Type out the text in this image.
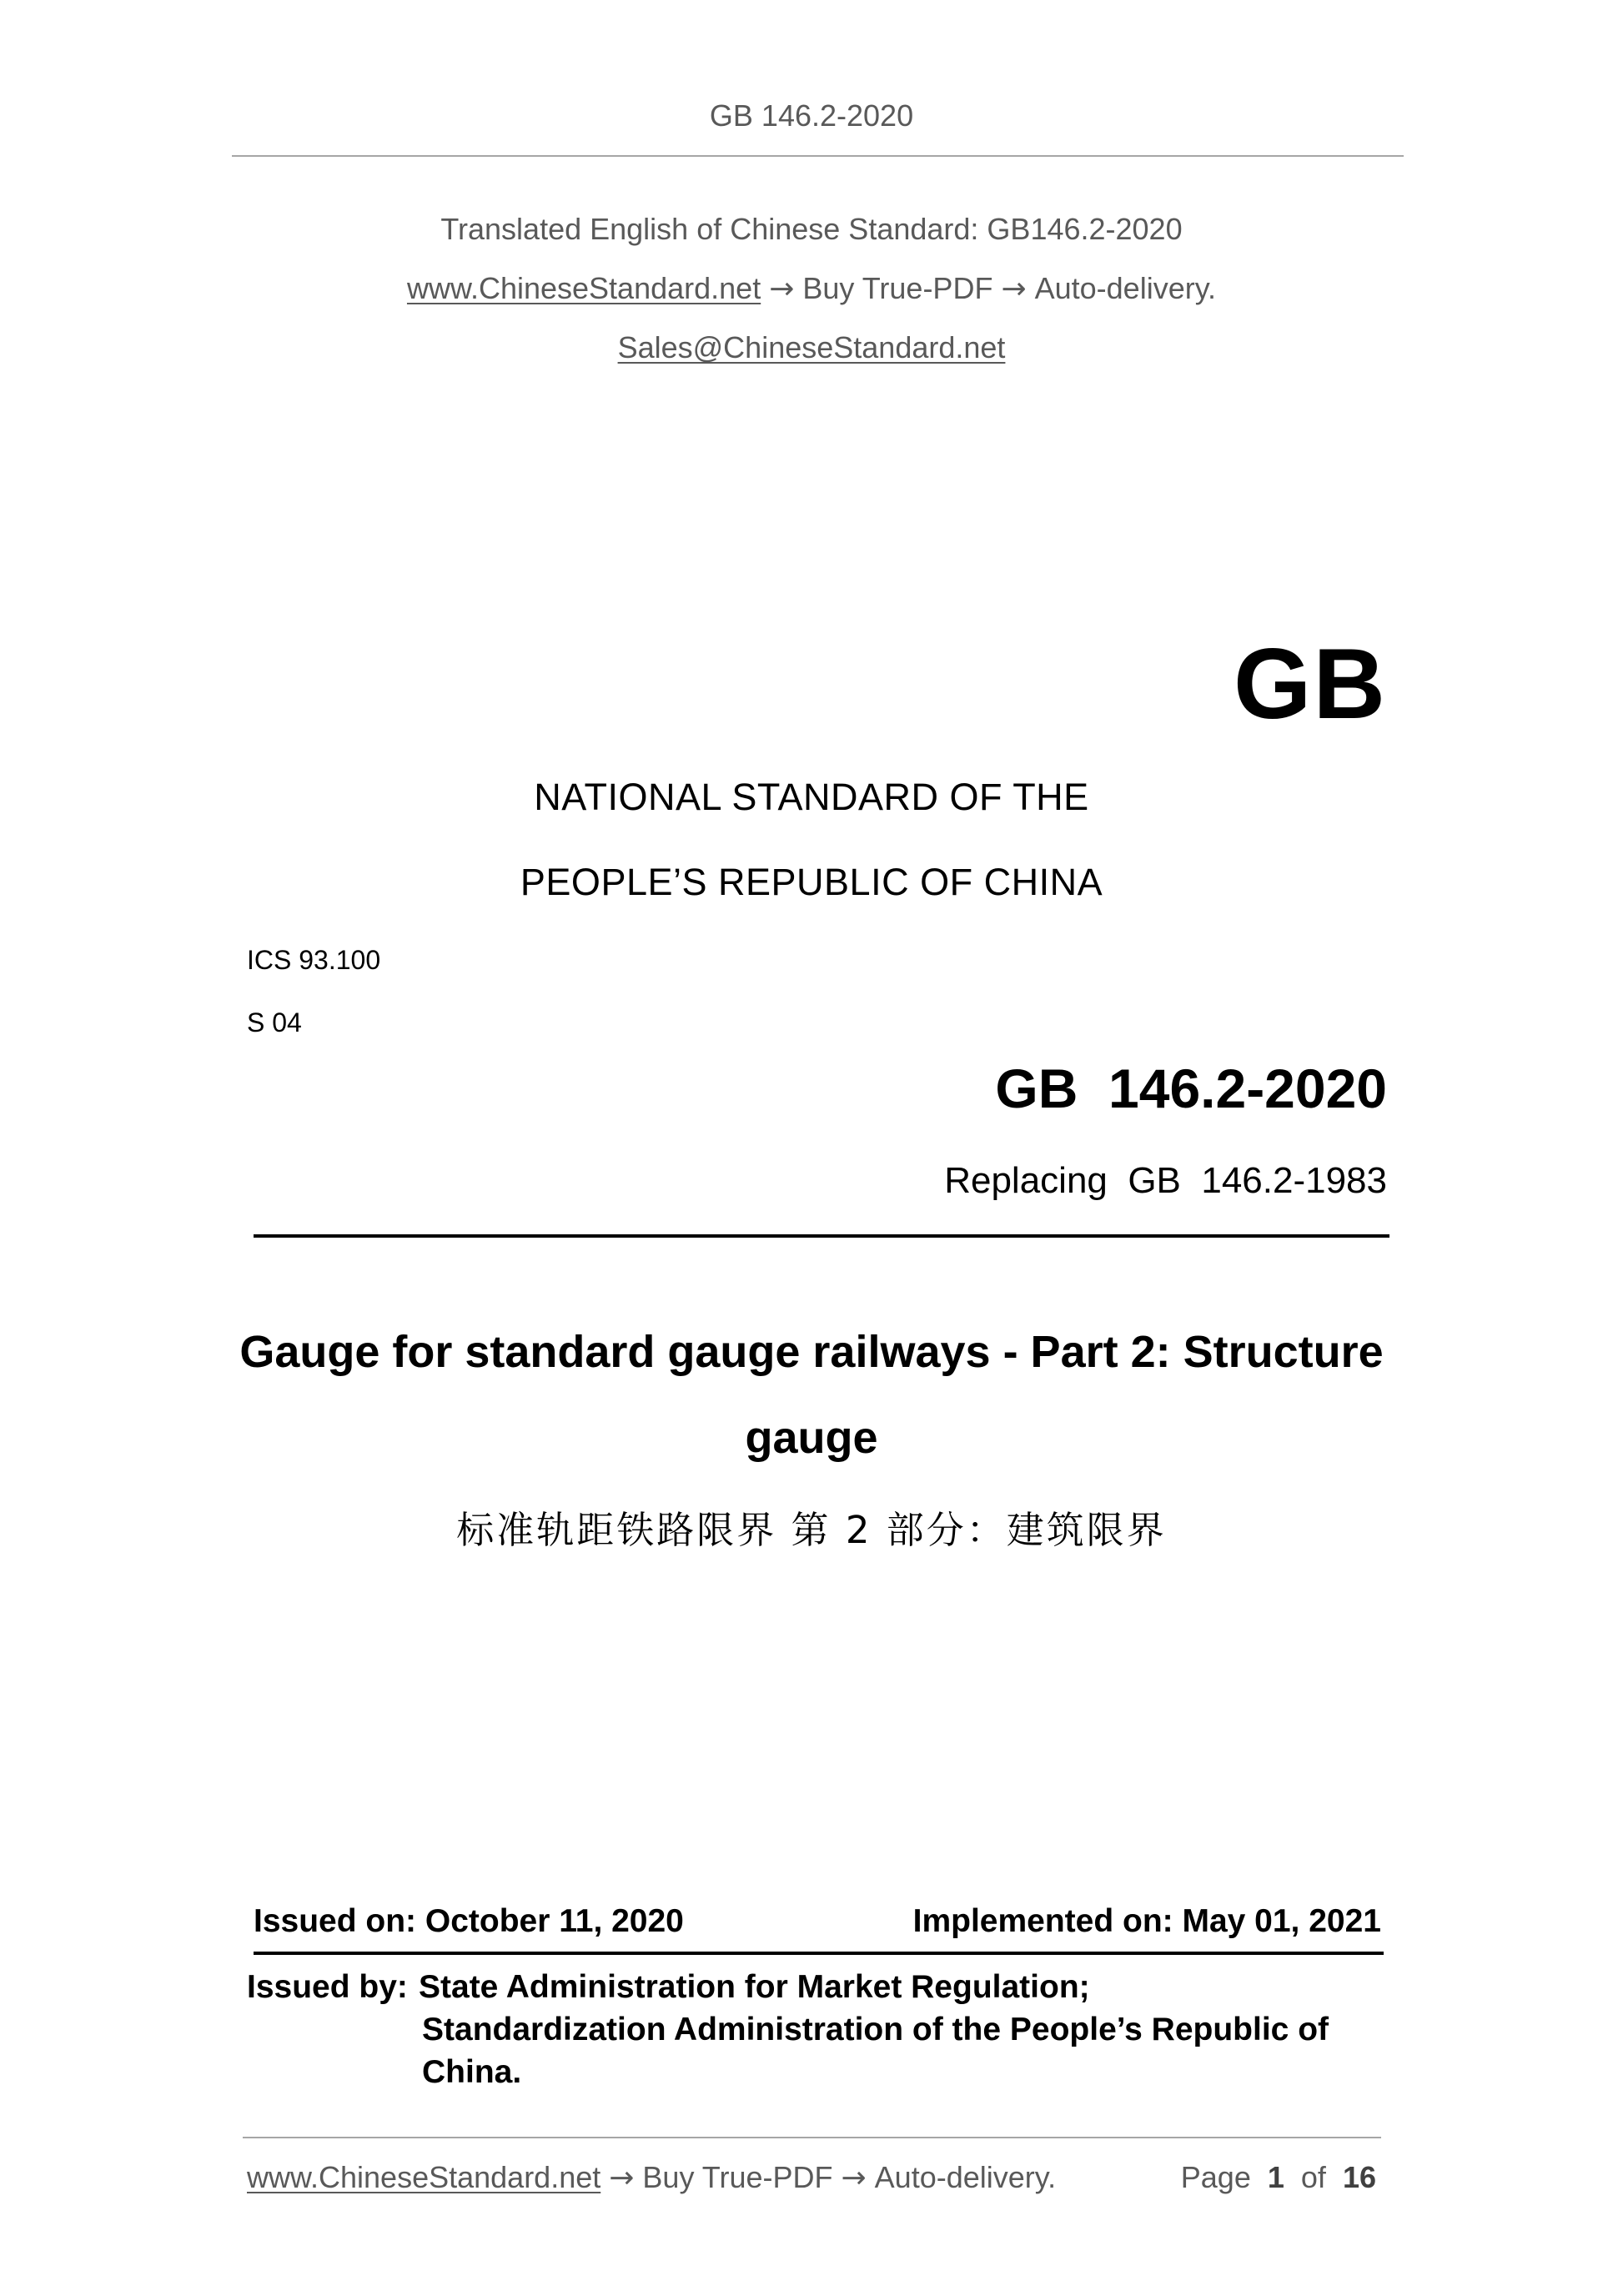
GB 146.2-2020
Translated English of Chinese Standard: GB146.2-2020
www.ChineseStandard.net → Buy True-PDF → Auto-delivery.
Sales@ChineseStandard.net
GB
NATIONAL STANDARD OF THE
PEOPLE’S REPUBLIC OF CHINA
ICS 93.100
S 04
GB  146.2-2020
Replacing  GB  146.2-1983
Gauge for standard gauge railways - Part 2: Structure
gauge
标准轨距铁路限界 第 2 部分：建筑限界
Issued on: October 11, 2020	Implemented on: May 01, 2021
Issued by: State Administration for Market Regulation;
Standardization Administration of the People’s Republic of
China.
www.ChineseStandard.net → Buy True-PDF → Auto-delivery.	Page 1 of 16
